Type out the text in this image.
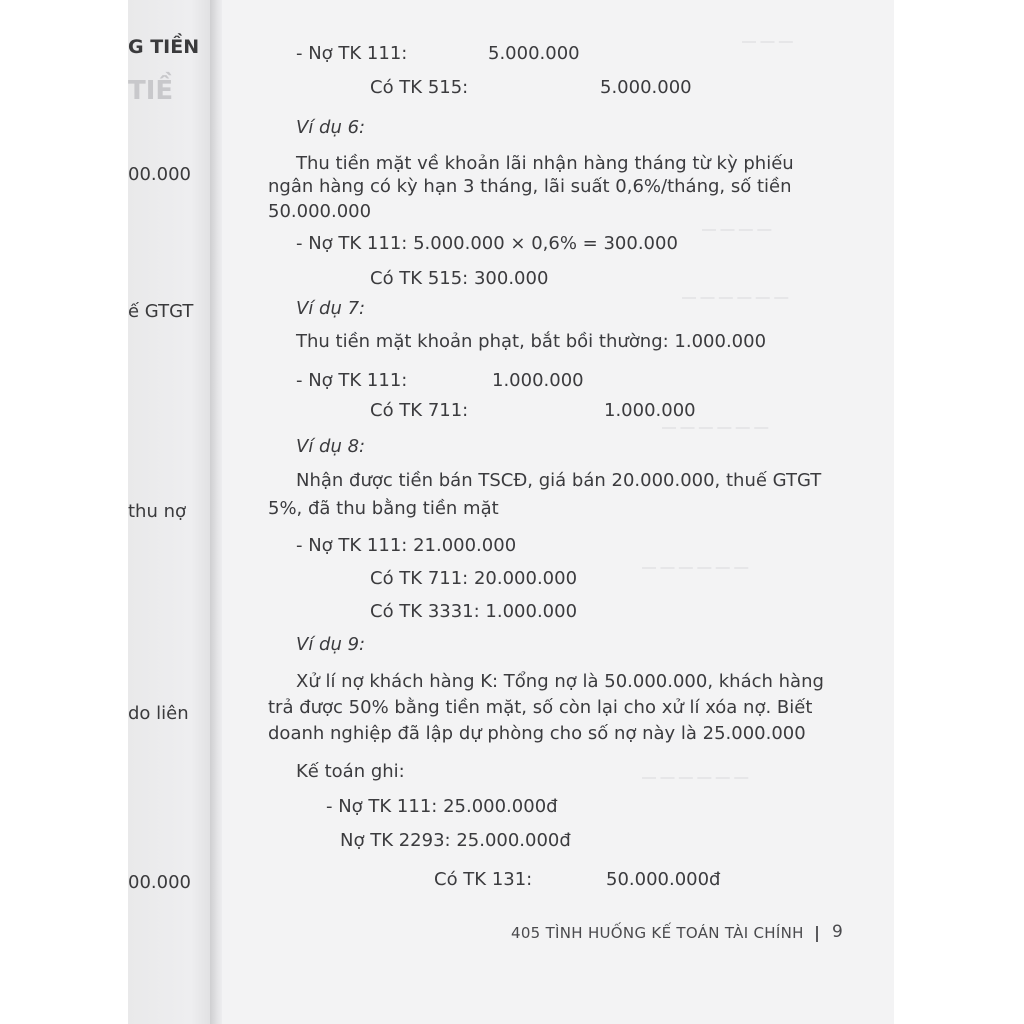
G TIỀN
TIỀ
00.000
ế GTGT
thu nợ
do liên
00.000
― ― ―
― ― ― ―
― ― ― ― ― ―
― ― ― ― ― ―
― ― ― ― ― ―
― ― ― ― ― ―
- Nợ TK 111:	5.000.000
Có TK 515:	5.000.000
Ví dụ 6:
Thu tiền mặt về khoản lãi nhận hàng tháng từ kỳ phiếu
ngân hàng có kỳ hạn 3 tháng, lãi suất 0,6%/tháng, số tiền
50.000.000
- Nợ TK 111: 5.000.000 × 0,6% = 300.000
Có TK 515: 300.000
Ví dụ 7:
Thu tiền mặt khoản phạt, bắt bồi thường: 1.000.000
- Nợ TK 111:	1.000.000
Có TK 711:	1.000.000
Ví dụ 8:
Nhận được tiền bán TSCĐ, giá bán 20.000.000, thuế GTGT
5%, đã thu bằng tiền mặt
- Nợ TK 111: 21.000.000
Có TK 711: 20.000.000
Có TK 3331: 1.000.000
Ví dụ 9:
Xử lí nợ khách hàng K: Tổng nợ là 50.000.000, khách hàng
trả được 50% bằng tiền mặt, số còn lại cho xử lí xóa nợ. Biết
doanh nghiệp đã lập dự phòng cho số nợ này là 25.000.000
Kế toán ghi:
- Nợ TK 111: 25.000.000đ
Nợ TK 2293: 25.000.000đ
Có TK 131:	50.000.000đ
405 TÌNH HUỐNG KẾ TOÁN TÀI CHÍNH 9
